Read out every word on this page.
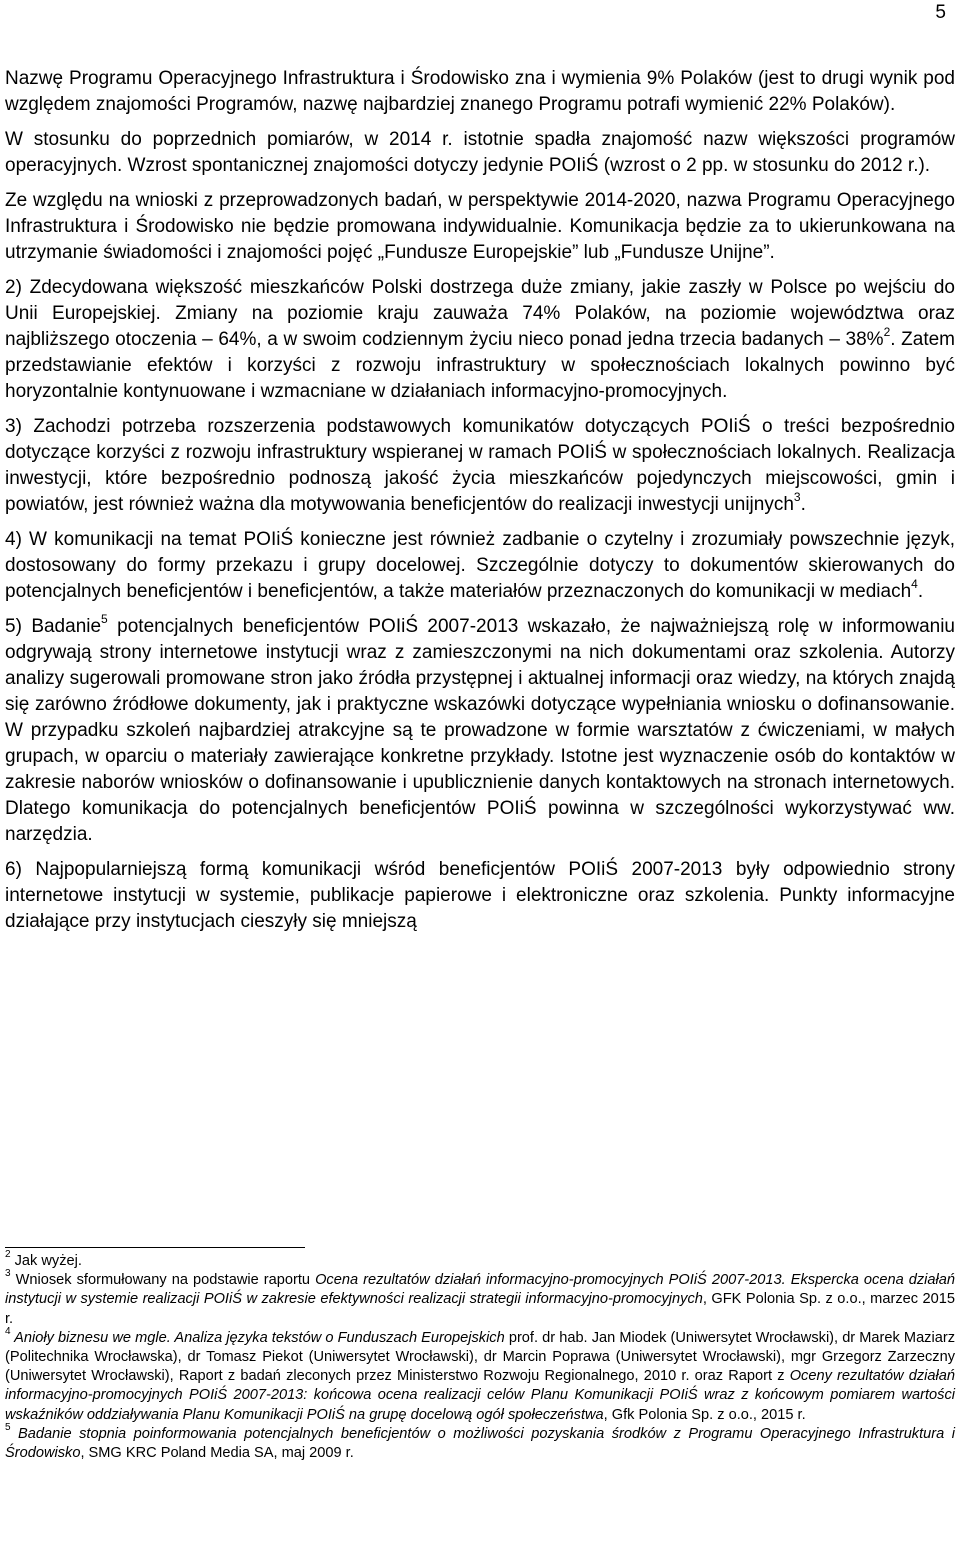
5

Nazwę Programu Operacyjnego Infrastruktura i Środowisko zna i wymienia 9% Polaków (jest to drugi wynik pod względem znajomości Programów, nazwę najbardziej znanego Programu potrafi wymienić 22% Polaków).

W stosunku do poprzednich pomiarów, w 2014 r. istotnie spadła znajomość nazw większości programów operacyjnych. Wzrost spontanicznej znajomości dotyczy jedynie POIiŚ (wzrost o 2 pp. w stosunku do 2012 r.).

Ze względu na wnioski z przeprowadzonych badań, w perspektywie 2014-2020, nazwa Programu Operacyjnego Infrastruktura i Środowisko nie będzie promowana indywidualnie. Komunikacja będzie za to ukierunkowana na utrzymanie świadomości i znajomości pojęć „Fundusze Europejskie” lub „Fundusze Unijne”.

2) Zdecydowana większość mieszkańców Polski dostrzega duże zmiany, jakie zaszły w Polsce po wejściu do Unii Europejskiej. Zmiany na poziomie kraju zauważa 74% Polaków, na poziomie województwa oraz najbliższego otoczenia – 64%, a w swoim codziennym życiu nieco ponad jedna trzecia badanych – 38%$^2$. Zatem przedstawianie efektów i korzyści z rozwoju infrastruktury w społecznościach lokalnych powinno być horyzontalnie kontynuowane i wzmacniane w działaniach informacyjno-promocyjnych.

3) Zachodzi potrzeba rozszerzenia podstawowych komunikatów dotyczących POIiŚ o treści bezpośrednio dotyczące korzyści z rozwoju infrastruktury wspieranej w ramach POIiŚ w społecznościach lokalnych. Realizacja inwestycji, które bezpośrednio podnoszą jakość życia mieszkańców pojedynczych miejscowości, gmin i powiatów, jest również ważna dla motywowania beneficjentów do realizacji inwestycji unijnych$^3$.

4) W komunikacji na temat POIiŚ konieczne jest również zadbanie o czytelny i zrozumiały powszechnie język, dostosowany do formy przekazu i grupy docelowej. Szczególnie dotyczy to dokumentów skierowanych do potencjalnych beneficjentów i beneficjentów, a także materiałów przeznaczonych do komunikacji w mediach$^4$.

5) Badanie$^5$ potencjalnych beneficjentów POIiŚ 2007-2013 wskazało, że najważniejszą rolę w informowaniu odgrywają strony internetowe instytucji wraz z zamieszczonymi na nich dokumentami oraz szkolenia. Autorzy analizy sugerowali promowane stron jako źródła przystępnej i aktualnej informacji oraz wiedzy, na których znajdą się zarówno źródłowe dokumenty, jak i praktyczne wskazówki dotyczące wypełniania wniosku o dofinansowanie. W przypadku szkoleń najbardziej atrakcyjne są te prowadzone w formie warsztatów z ćwiczeniami, w małych grupach, w oparciu o materiały zawierające konkretne przykłady. Istotne jest wyznaczenie osób do kontaktów w zakresie naborów wniosków o dofinansowanie i upublicznienie danych kontaktowych na stronach internetowych. Dlatego komunikacja do potencjalnych beneficjentów POIiŚ powinna w szczególności wykorzystywać ww. narzędzia.

6) Najpopularniejszą formą komunikacji wśród beneficjentów POIiŚ 2007-2013 były odpowiednio strony internetowe instytucji w systemie, publikacje papierowe i elektroniczne oraz szkolenia. Punkty informacyjne działające przy instytucjach cieszyły się mniejszą

$^2$ Jak wyżej.

$^3$ Wniosek sformułowany na podstawie raportu Ocena rezultatów działań informacyjno-promocyjnych POIiŚ 2007-2013. Ekspercka ocena działań instytucji w systemie realizacji POIiŚ w zakresie efektywności realizacji strategii informacyjno-promocyjnych, GFK Polonia Sp. z o.o., marzec 2015 r.

$^4$ Anioły biznesu we mgle. Analiza języka tekstów o Funduszach Europejskich prof. dr hab. Jan Miodek (Uniwersytet Wrocławski), dr Marek Maziarz (Politechnika Wrocławska), dr Tomasz Piekot (Uniwersytet Wrocławski), dr Marcin Poprawa (Uniwersytet Wrocławski), mgr Grzegorz Zarzeczny (Uniwersytet Wrocławski), Raport z badań zleconych przez Ministerstwo Rozwoju Regionalnego, 2010 r. oraz Raport z Oceny rezultatów działań informacyjno-promocyjnych POIiŚ 2007-2013: końcowa ocena realizacji celów Planu Komunikacji POIiŚ wraz z końcowym pomiarem wartości wskaźników oddziaływania Planu Komunikacji POIiŚ na grupę docelową ogół społeczeństwa, Gfk Polonia Sp. z o.o., 2015 r.

$^5$ Badanie stopnia poinformowania potencjalnych beneficjentów o możliwości pozyskania środków z Programu Operacyjnego Infrastruktura i Środowisko, SMG KRC Poland Media SA, maj 2009 r.
